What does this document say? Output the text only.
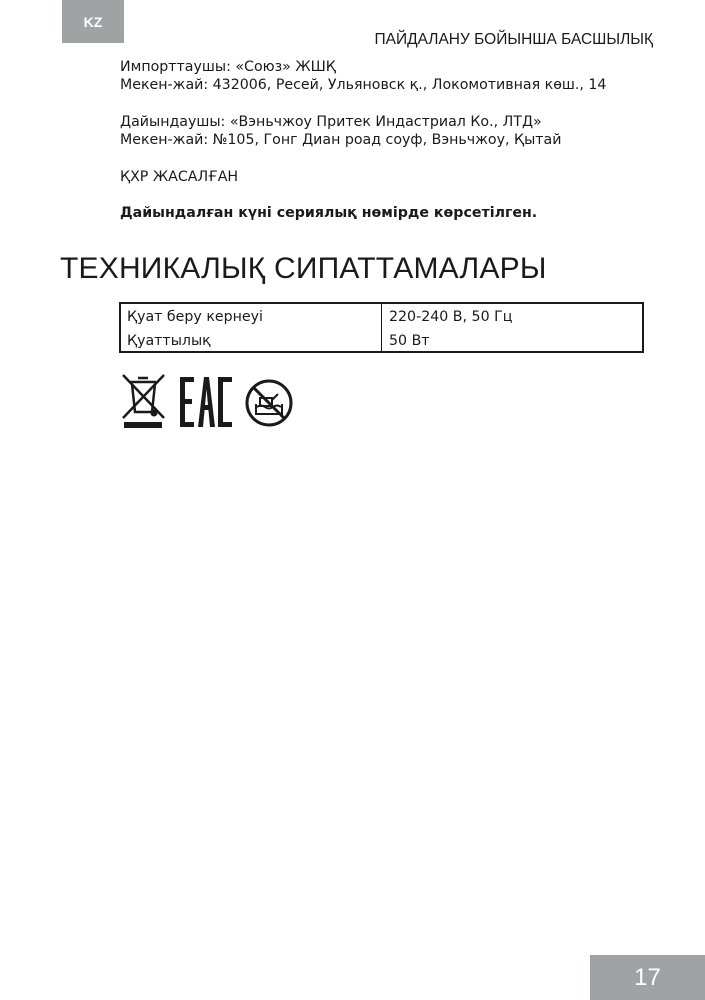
KZ
ПАЙДАЛАНУ БОЙЫНША БАСШЫЛЫҚ
Импорттаушы: «Союз» ЖШҚ
Мекен-жай: 432006, Ресей, Ульяновск қ., Локомотивная көш., 14
Дайындаушы: «Вэньчжоу Притек Индастриал Ко., ЛТД»
Мекен-жай: №105, Гонг Диан роад соуф, Вэньчжоу, Қытай
ҚХР ЖАСАЛҒАН
Дайындалған күні сериялық нөмірде көрсетілген.
ТЕХНИКАЛЫҚ СИПАТТАМАЛАРЫ
Қуат беру кернеуі	220-240 В, 50 Гц
Қуаттылық	50 Вт
17
